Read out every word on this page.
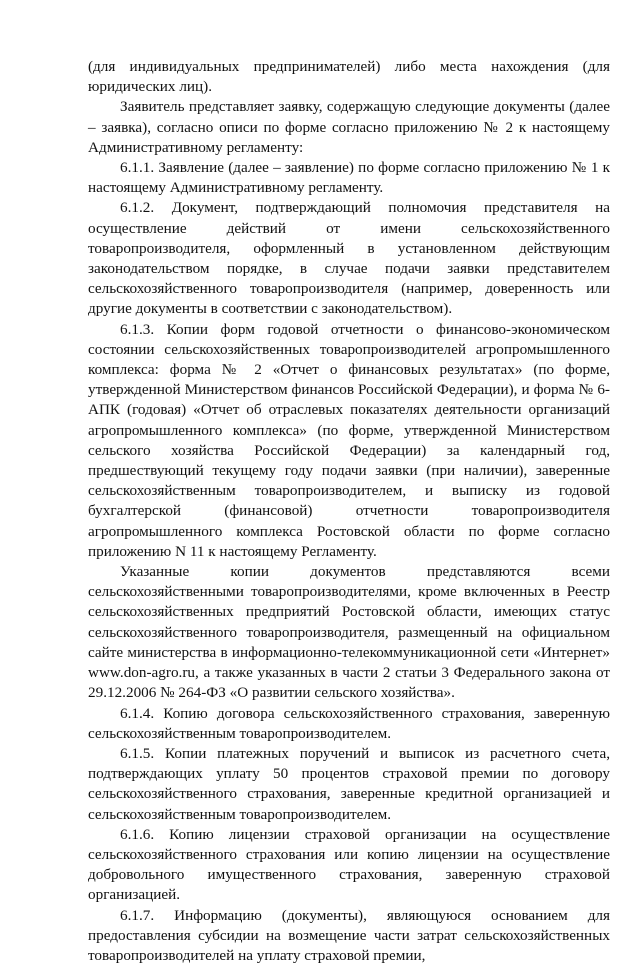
(для индивидуальных предпринимателей) либо места нахождения (для юридических лиц).

Заявитель представляет заявку, содержащую следующие документы (далее – заявка), согласно описи по форме согласно приложению № 2 к настоящему Административному регламенту:

6.1.1. Заявление (далее – заявление) по форме согласно приложению № 1 к настоящему Административному регламенту.

6.1.2. Документ, подтверждающий полномочия представителя на осуществление действий от имени сельскохозяйственного товаропроизводителя, оформленный в установленном действующим законодательством порядке, в случае подачи заявки представителем сельскохозяйственного товаропроизводителя (например, доверенность или другие документы в соответствии с законодательством).

6.1.3. Копии форм годовой отчетности о финансово-экономическом состоянии сельскохозяйственных товаропроизводителей агропромышленного комплекса: форма № 2 «Отчет о финансовых результатах» (по форме, утвержденной Министерством финансов Российской Федерации), и форма № 6-АПК (годовая) «Отчет об отраслевых показателях деятельности организаций агропромышленного комплекса» (по форме, утвержденной Министерством сельского хозяйства Российской Федерации) за календарный год, предшествующий текущему году подачи заявки (при наличии), заверенные сельскохозяйственным товаропроизводителем, и выписку из годовой бухгалтерской (финансовой) отчетности товаропроизводителя агропромышленного комплекса Ростовской области по форме согласно приложению N 11 к настоящему Регламенту.

Указанные копии документов представляются всеми сельскохозяйственными товаропроизводителями, кроме включенных в Реестр сельскохозяйственных предприятий Ростовской области, имеющих статус сельскохозяйственного товаропроизводителя, размещенный на официальном сайте министерства в информационно-телекоммуникационной сети «Интернет» www.don-agro.ru, а также указанных в части 2 статьи 3 Федерального закона от 29.12.2006 № 264-ФЗ «О развитии сельского хозяйства».

6.1.4. Копию договора сельскохозяйственного страхования, заверенную сельскохозяйственным товаропроизводителем.

6.1.5. Копии платежных поручений и выписок из расчетного счета, подтверждающих уплату 50 процентов страховой премии по договору сельскохозяйственного страхования, заверенные кредитной организацией и сельскохозяйственным товаропроизводителем.

6.1.6. Копию лицензии страховой организации на осуществление сельскохозяйственного страхования или копию лицензии на осуществление добровольного имущественного страхования, заверенную страховой организацией.

6.1.7. Информацию (документы), являющуюся основанием для предоставления субсидии на возмещение части затрат сельскохозяйственных товаропроизводителей на уплату страховой премии,
